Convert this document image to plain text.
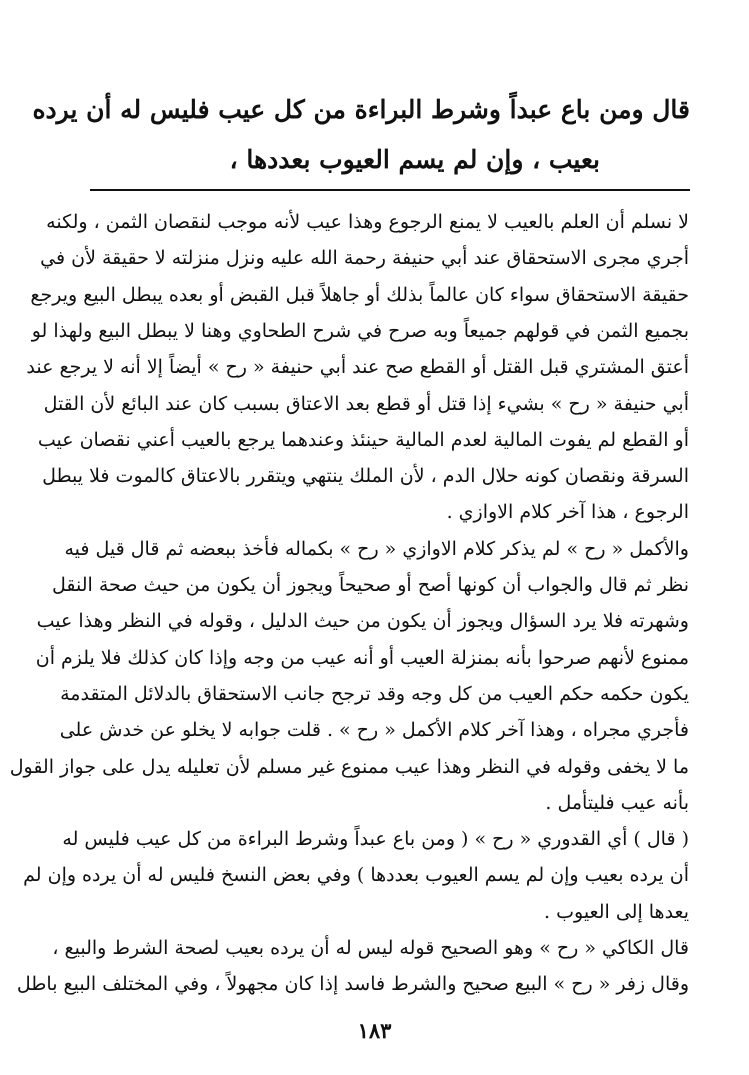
قال ومن باع عبداً وشرط البراءة من كل عيب فليس له أن يرده
بعيب ، وإن لم يسم العيوب بعددها ،
لا نسلم أن العلم بالعيب لا يمنع الرجوع وهذا عيب لأنه موجب لنقصان الثمن ، ولكنه
أجري مجرى الاستحقاق عند أبي حنيفة رحمة الله عليه ونزل منزلته لا حقيقة لأن في
حقيقة الاستحقاق سواء كان عالماً بذلك أو جاهلاً قبل القبض أو بعده يبطل البيع ويرجع
بجميع الثمن في قولهم جميعاً وبه صرح في شرح الطحاوي وهنا لا يبطل البيع ولهذا لو
أعتق المشتري قبل القتل أو القطع صح عند أبي حنيفة « رح » أيضاً إلا أنه لا يرجع عند
أبي حنيفة « رح » بشيء إذا قتل أو قطع بعد الاعتاق بسبب كان عند البائع لأن القتل
أو القطع لم يفوت المالية لعدم المالية حينئذ وعندهما يرجع بالعيب أعني نقصان عيب
السرقة ونقصان كونه حلال الدم ، لأن الملك ينتهي ويتقرر بالاعتاق كالموت فلا يبطل
الرجوع ، هذا آخر كلام الاوازي .
والأكمل « رح » لم يذكر كلام الاوازي « رح » بكماله فأخذ ببعضه ثم قال قيل فيه
نظر ثم قال والجواب أن كونها أصح أو صحيحاً ويجوز أن يكون من حيث صحة النقل
وشهرته فلا يرد السؤال ويجوز أن يكون من حيث الدليل ، وقوله في النظر وهذا عيب
ممنوع لأنهم صرحوا بأنه بمنزلة العيب أو أنه عيب من وجه وإذا كان كذلك فلا يلزم أن
يكون حكمه حكم العيب من كل وجه وقد ترجح جانب الاستحقاق بالدلائل المتقدمة
فأجري مجراه ، وهذا آخر كلام الأكمل « رح » . قلت جوابه لا يخلو عن خدش على
ما لا يخفى وقوله في النظر وهذا عيب ممنوع غير مسلم لأن تعليله يدل على جواز القول
بأنه عيب فليتأمل .
( قال ) أي القدوري « رح » ( ومن باع عبداً وشرط البراءة من كل عيب فليس له
أن يرده بعيب وإن لم يسم العيوب بعددها ) وفي بعض النسخ فليس له أن يرده وإن لم
يعدها إلى العيوب .
قال الكاكي « رح » وهو الصحيح قوله ليس له أن يرده بعيب لصحة الشرط والبيع ،
وقال زفر « رح » البيع صحيح والشرط فاسد إذا كان مجهولاً ، وفي المختلف البيع باطل
١٨٣
